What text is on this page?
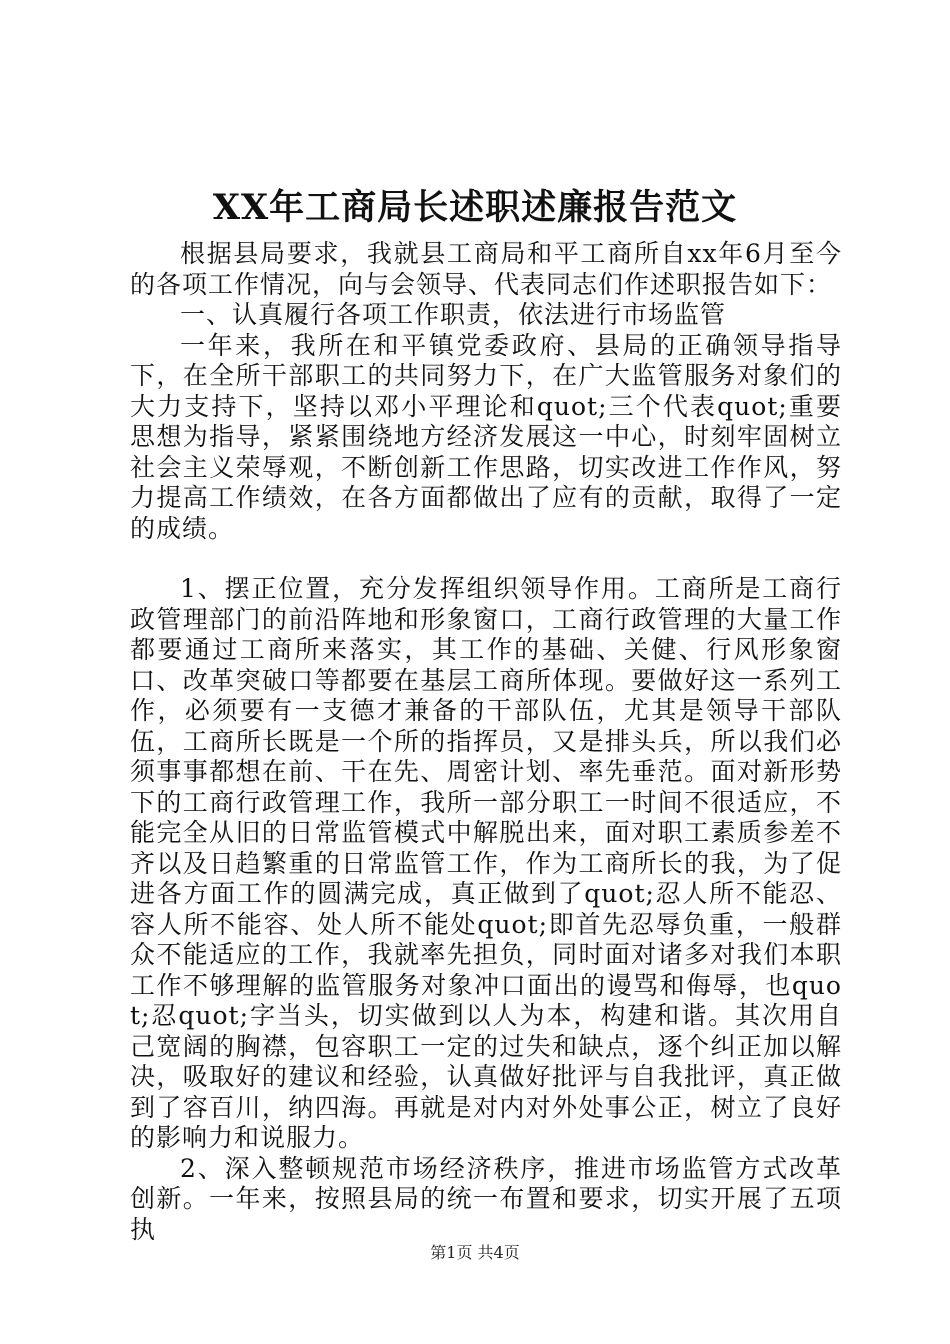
XX年工商局长述职述廉报告范文

根据县局要求，我就县工商局和平工商所自xx年6月至今的各项工作情况，向与会领导、代表同志们作述职报告如下：

一、认真履行各项工作职责，依法进行市场监管

一年来，我所在和平镇党委政府、县局的正确领导指导下，在全所干部职工的共同努力下，在广大监管服务对象们的大力支持下，坚持以邓小平理论和quot;三个代表quot;重要思想为指导，紧紧围绕地方经济发展这一中心，时刻牢固树立社会主义荣辱观，不断创新工作思路，切实改进工作作风，努力提高工作绩效，在各方面都做出了应有的贡献，取得了一定的成绩。

1、摆正位置，充分发挥组织领导作用。工商所是工商行政管理部门的前沿阵地和形象窗口，工商行政管理的大量工作都要通过工商所来落实，其工作的基础、关健、行风形象窗口、改革突破口等都要在基层工商所体现。要做好这一系列工作，必须要有一支德才兼备的干部队伍，尤其是领导干部队伍，工商所长既是一个所的指挥员，又是排头兵，所以我们必须事事都想在前、干在先、周密计划、率先垂范。面对新形势下的工商行政管理工作，我所一部分职工一时间不很适应，不能完全从旧的日常监管模式中解脱出来，面对职工素质参差不齐以及日趋繁重的日常监管工作，作为工商所长的我，为了促进各方面工作的圆满完成，真正做到了quot;忍人所不能忍、容人所不能容、处人所不能处quot;即首先忍辱负重，一般群众不能适应的工作，我就率先担负，同时面对诸多对我们本职工作不够理解的监管服务对象冲口面出的谩骂和侮辱，也quot;忍quot;字当头，切实做到以人为本，构建和谐。其次用自己宽阔的胸襟，包容职工一定的过失和缺点，逐个纠正加以解决，吸取好的建议和经验，认真做好批评与自我批评，真正做到了容百川，纳四海。再就是对内对外处事公正，树立了良好的影响力和说服力。

2、深入整顿规范市场经济秩序，推进市场监管方式改革创新。一年来，按照县局的统一布置和要求，切实开展了五项执

第1页 共4页
